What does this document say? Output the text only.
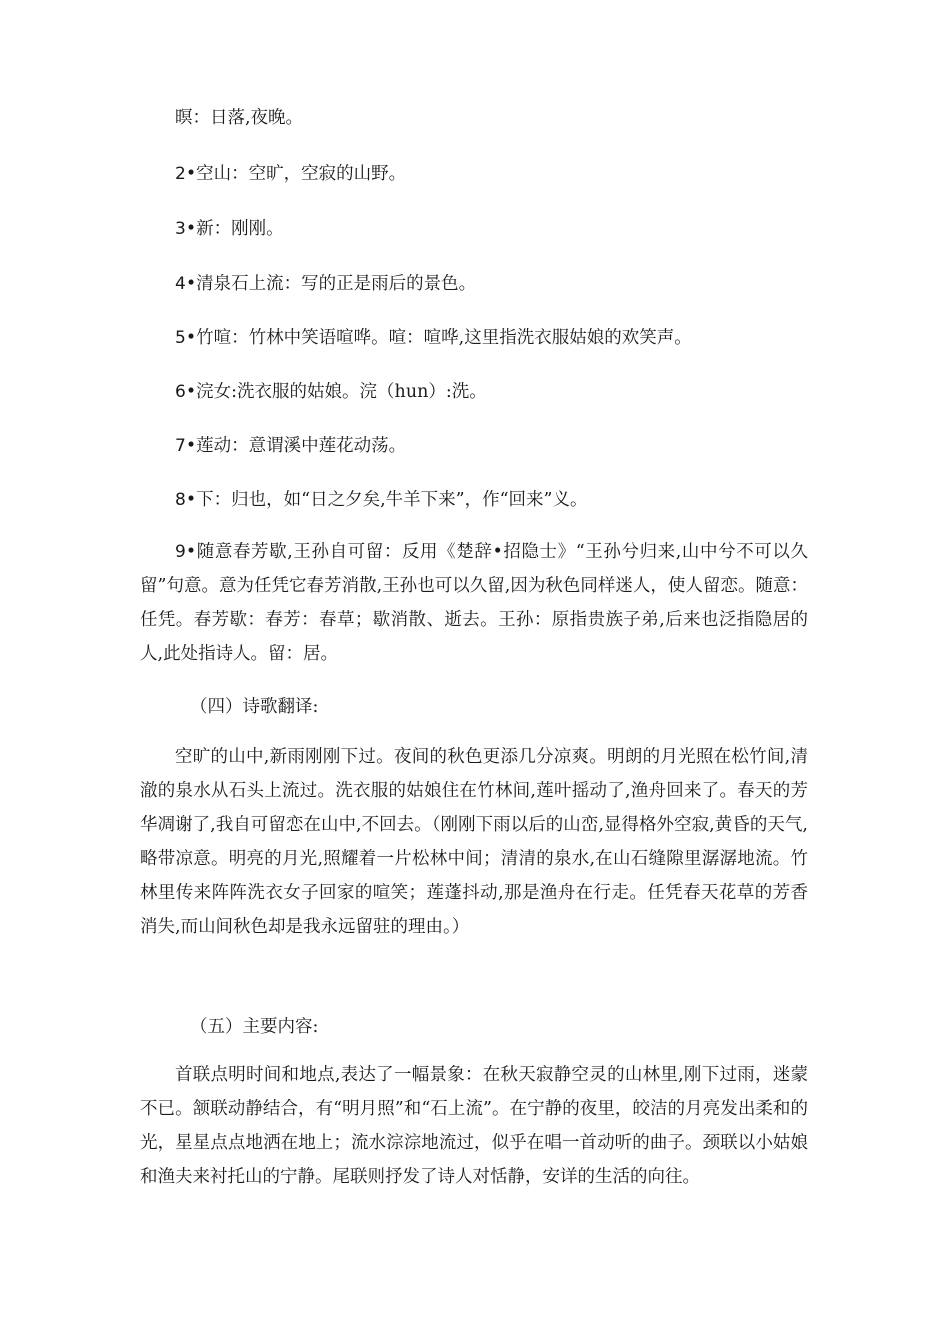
暝：日落,夜晚。
2•空山：空旷，空寂的山野。
3•新：刚刚。
4•清泉石上流：写的正是雨后的景色。
5•竹喧：竹林中笑语喧哗。喧：喧哗,这里指洗衣服姑娘的欢笑声。
6•浣女:洗衣服的姑娘。浣（hun）:洗。
7•莲动：意谓溪中莲花动荡。
8•下：归也，如“日之夕矣,牛羊下来”，作“回来”义。
9•随意春芳歇,王孙自可留：反用《楚辞•招隐士》“王孙兮归来,山中兮不可以久留”句意。意为任凭它春芳消散,王孙也可以久留,因为秋色同样迷人，使人留恋。随意：任凭。春芳歇：春芳：春草；歇消散、逝去。王孙：原指贵族子弟,后来也泛指隐居的人,此处指诗人。留：居。
（四）诗歌翻译:
空旷的山中,新雨刚刚下过。夜间的秋色更添几分凉爽。明朗的月光照在松竹间,清澈的泉水从石头上流过。洗衣服的姑娘住在竹林间,莲叶摇动了,渔舟回来了。春天的芳华凋谢了,我自可留恋在山中,不回去。（刚刚下雨以后的山峦,显得格外空寂,黄昏的天气,略带凉意。明亮的月光,照耀着一片松林中间；清清的泉水,在山石缝隙里潺潺地流。竹林里传来阵阵洗衣女子回家的喧笑；莲蓬抖动,那是渔舟在行走。任凭春天花草的芳香消失,而山间秋色却是我永远留驻的理由。）
（五）主要内容:
首联点明时间和地点,表达了一幅景象：在秋天寂静空灵的山林里,刚下过雨，迷蒙不已。颔联动静结合，有“明月照”和“石上流”。在宁静的夜里，皎洁的月亮发出柔和的光，星星点点地洒在地上；流水淙淙地流过，似乎在唱一首动听的曲子。颈联以小姑娘和渔夫来衬托山的宁静。尾联则抒发了诗人对恬静，安详的生活的向往。
